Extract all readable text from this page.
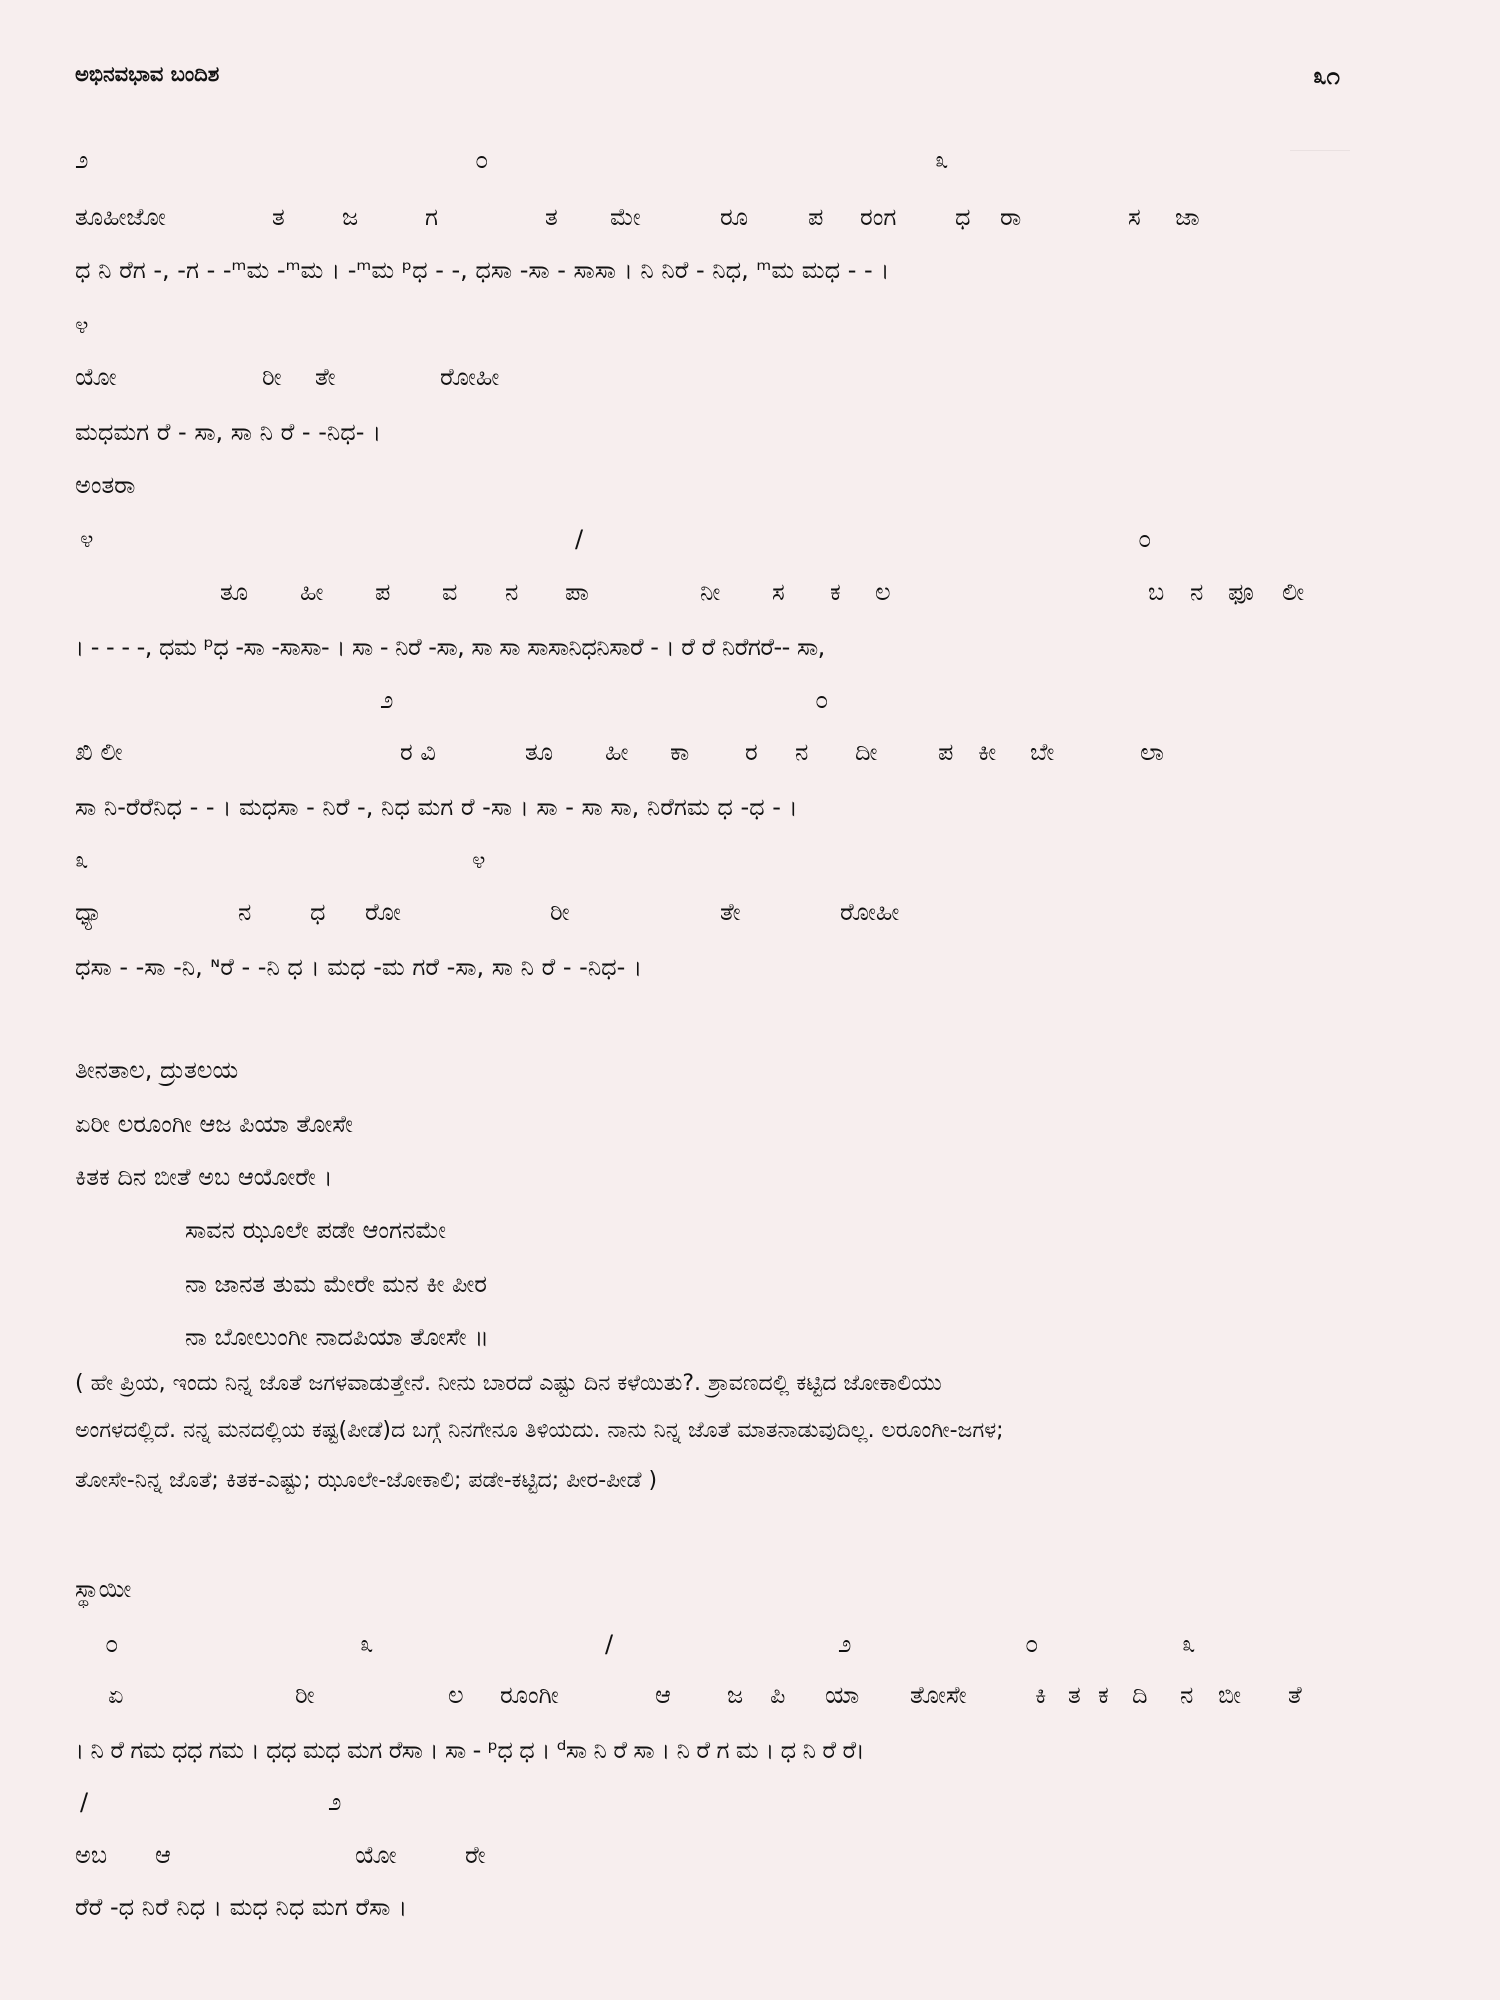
ಅಭಿನವಭಾವ ಬಂದಿಶ	೩೧
೨	೦	೩
ತೂಹೀಜೋ	ತ ಜ	ಗ	ತ ಮೇ	ರೂ ಪ ರಂಗ ಧ ರಾ	ಸ ಜಾ
ಧ ನಿ ರೆಗ -, -ಗ - -ᵐಮ -ᵐಮ । -ᵐಮ ᵖಧ - -, ಧಸಾ -ಸಾ - ಸಾಸಾ । ನಿ ನಿರೆ - ನಿಧ, ᵐಮ ಮಧ - - ।
೪
ಯೋ	ರೀ ತೇ	ರೋಹೀ
ಮಧಮಗ ರೆ - ಸಾ, ಸಾ ನಿ ರೆ - -ನಿಧ- ।
ಅಂತರಾ
೪	/	೦
ತೂ ಹೀ ಪ ವ ನ ಪಾ	ನೀ ಸ ಕ ಲ	ಬ ನ ಫೂ ಲೀ
। - - - -, ಧಮ ᵖಧ -ಸಾ -ಸಾಸಾ- । ಸಾ - ನಿರೆ -ಸಾ, ಸಾ ಸಾ ಸಾಸಾನಿಧನಿಸಾರೆ - । ರೆ ರೆ ನಿರೆಗರೆ-- ಸಾ,
೨	೦
ಖಿ ಲೀ	ರ ವಿ	ತೂ ಹೀ ಕಾ ರ ನ ದೀ	ಪ ಕೀ ಬೇ	ಲಾ
ಸಾ ನಿ-ರೆರೆನಿಧ - - । ಮಧಸಾ - ನಿರೆ -, ನಿಧ ಮಗ ರೆ -ಸಾ । ಸಾ - ಸಾ ಸಾ, ನಿರೆಗಮ ಧ -ಧ - ।
೩	೪
ಧ್ಯಾ	ನ ಧ ರೋ	ರೀ	ತೇ	ರೋಹೀ
ಧಸಾ - -ಸಾ -ನಿ, ᶰರೆ - -ನಿ ಧ । ಮಧ -ಮ ಗರೆ -ಸಾ, ಸಾ ನಿ ರೆ - -ನಿಧ- ।
ತೀನತಾಲ, ದ್ರುತಲಯ
ಏರೀ ಲರೂಂಗೀ ಆಜ ಪಿಯಾ ತೋಸೇ
ಕಿತಕ ದಿನ ಬೀತೆ ಅಬ ಆಯೋರೇ ।
ಸಾವನ ಝೂಲೇ ಪಡೇ ಆಂಗನಮೇ
ನಾ ಜಾನತ ತುಮ ಮೇರೇ ಮನ ಕೀ ಪೀರ
ನಾ ಬೋಲುಂಗೀ ನಾದಪಿಯಾ ತೋಸೇ ॥
( ಹೇ ಪ್ರಿಯ, ಇಂದು ನಿನ್ನ ಜೊತೆ ಜಗಳವಾಡುತ್ತೇನೆ. ನೀನು ಬಾರದೆ ಎಷ್ಟು ದಿನ ಕಳೆಯಿತು?. ಶ್ರಾವಣದಲ್ಲಿ ಕಟ್ಟಿದ ಜೋಕಾಲಿಯು
ಅಂಗಳದಲ್ಲಿದೆ. ನನ್ನ ಮನದಲ್ಲಿಯ ಕಷ್ಟ(ಪೀಡೆ)ದ ಬಗ್ಗೆ ನಿನಗೇನೂ ತಿಳಿಯದು. ನಾನು ನಿನ್ನ ಜೊತೆ ಮಾತನಾಡುವುದಿಲ್ಲ. ಲರೂಂಗೀ-ಜಗಳ;
ತೋಸೇ-ನಿನ್ನ ಜೊತೆ; ಕಿತಕ-ಎಷ್ಟು; ಝೂಲೇ-ಜೋಕಾಲಿ; ಪಡೇ-ಕಟ್ಟಿದ; ಪೀರ-ಪೀಡೆ )
ಸ್ಥಾಯೀ
೦	೩	/	೨	೦	೩
ಏ	ರೀ	ಲ ರೂಂಗೀ	ಆ ಜ ಪಿ ಯಾ ತೋಸೇ	ಕಿ ತ ಕ ದಿ ನ ಬೀ ತೆ
। ನಿ ರೆ ಗಮ ಧಧ ಗಮ । ಧಧ ಮಧ ಮಗ ರೆಸಾ । ಸಾ - ᵖಧ ಧ । ᵈಸಾ ನಿ ರೆ ಸಾ । ನಿ ರೆ ಗ ಮ । ಧ ನಿ ರೆ ರೆ।
/	೨
ಅಬ ಆ	ಯೋ	ರೇ
ರೆರೆ -ಧ ನಿರೆ ನಿಧ । ಮಧ ನಿಧ ಮಗ ರೆಸಾ ।
